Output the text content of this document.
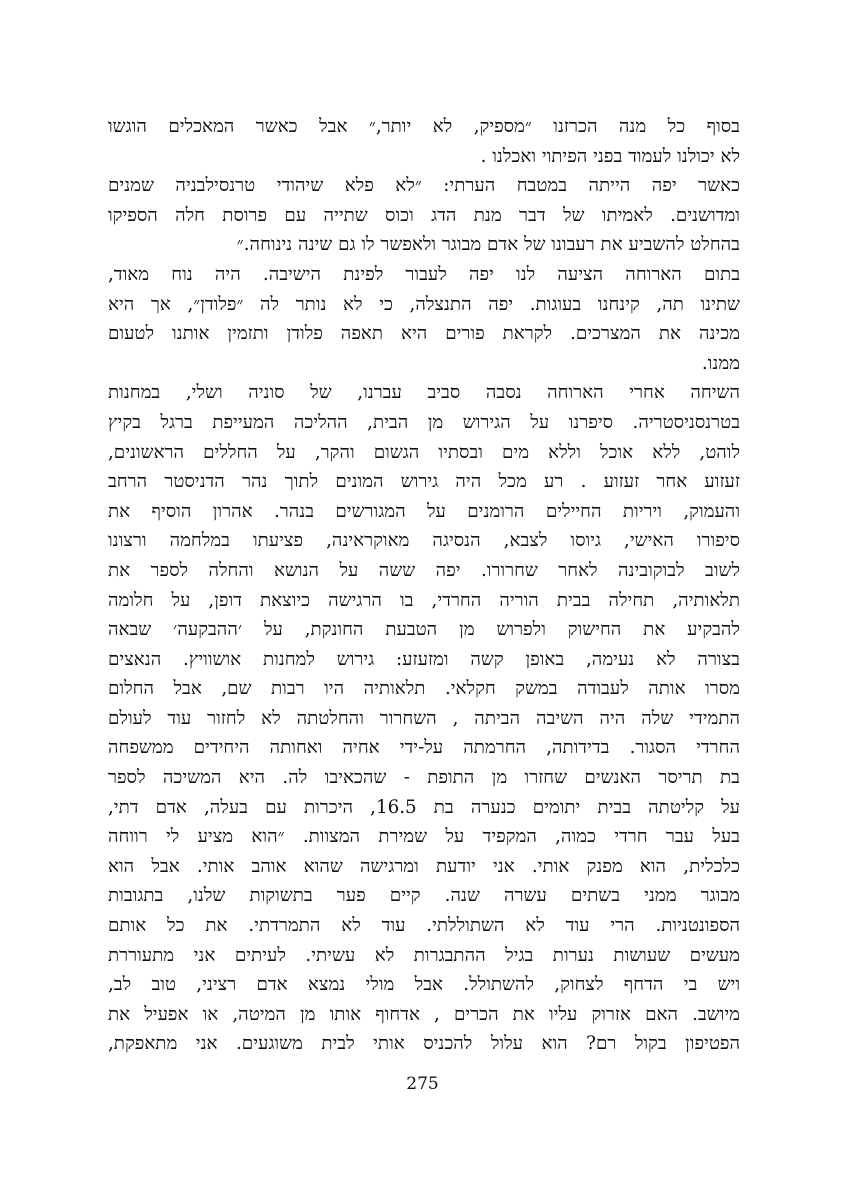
בסוף כל מנה הכרזנו ״מספיק, לא יותר,״ אבל כאשר המאכלים הוגשו
לא יכולנו לעמוד בפני הפיתוי ואכלנו .
כאשר יפה הייתה במטבח הערתי: ״לא פלא שיהודי טרנסילבניה שמנים
ומדושנים. לאמיתו של דבר מנת הדג וכוס שתייה עם פרוסת חלה הספיקו
בהחלט להשביע את רעבונו של אדם מבוגר ולאפשר לו גם שינה נינוחה.״
בתום הארוחה הציעה לנו יפה לעבור לפינת הישיבה. היה נוח מאוד,
שתינו תה, קינחנו בעוגות. יפה התנצלה, כי לא נותר לה ״פלודן״, אך היא
מכינה את המצרכים. לקראת פורים היא תאפה פלודן ותזמין אותנו לטעום
ממנו.
השיחה אחרי הארוחה נסבה סביב עברנו, של סוניה ושלי, במחנות
בטרנסניסטריה. סיפרנו על הגירוש מן הבית, ההליכה המעייפת ברגל בקיץ
לוהט, ללא אוכל וללא מים ובסתיו הגשום והקר, על החללים הראשונים,
זעזוע אחר זעזוע . רע מכל היה גירוש המונים לתוך נהר הדניסטר הרחב
והעמוק, ויריות החיילים הרומנים על המגורשים בנהר. אהרון הוסיף את
סיפורו האישי, גיוסו לצבא, הנסיגה מאוקראינה, פציעתו במלחמה ורצונו
לשוב לבוקובינה לאחר שחרורו. יפה ששה על הנושא והחלה לספר את
תלאותיה, תחילה בבית הוריה החרדי, בו הרגישה כיוצאת דופן, על חלומה
להבקיע את החישוק ולפרוש מן הטבעת החונקת, על ׳ההבקעה׳ שבאה
בצורה לא נעימה, באופן קשה ומזעזע: גירוש למחנות אושוויץ. הנאצים
מסרו אותה לעבודה במשק חקלאי. תלאותיה היו רבות שם, אבל החלום
התמידי שלה היה השיבה הביתה , השחרור והחלטתה לא לחזור עוד לעולם
החרדי הסגור. בדידותה, החרמתה על-ידי אחיה ואחותה היחידים ממשפחה
בת תריסר האנשים שחזרו מן התופת - שהכאיבו לה. היא המשיכה לספר
על קליטתה בבית יתומים כנערה בת 16.5, היכרות עם בעלה, אדם דתי,
בעל עבר חרדי כמוה, המקפיד על שמירת המצוות. ״הוא מציע לי רווחה
כלכלית, הוא מפנק אותי. אני יודעת ומרגישה שהוא אוהב אותי. אבל הוא
מבוגר ממני בשתים עשרה שנה. קיים פער בתשוקות שלנו, בתגובות
הספונטניות. הרי עוד לא השתוללתי. עוד לא התמרדתי. את כל אותם
מעשים שעושות נערות בגיל ההתבגרות לא עשיתי. לעיתים אני מתעוררת
ויש בי הדחף לצחוק, להשתולל. אבל מולי נמצא אדם רציני, טוב לב,
מיושב. האם אזרוק עליו את הכרים , אדחוף אותו מן המיטה, או אפעיל את
הפטיפון בקול רם? הוא עלול להכניס אותי לבית משוגעים. אני מתאפקת,
275
